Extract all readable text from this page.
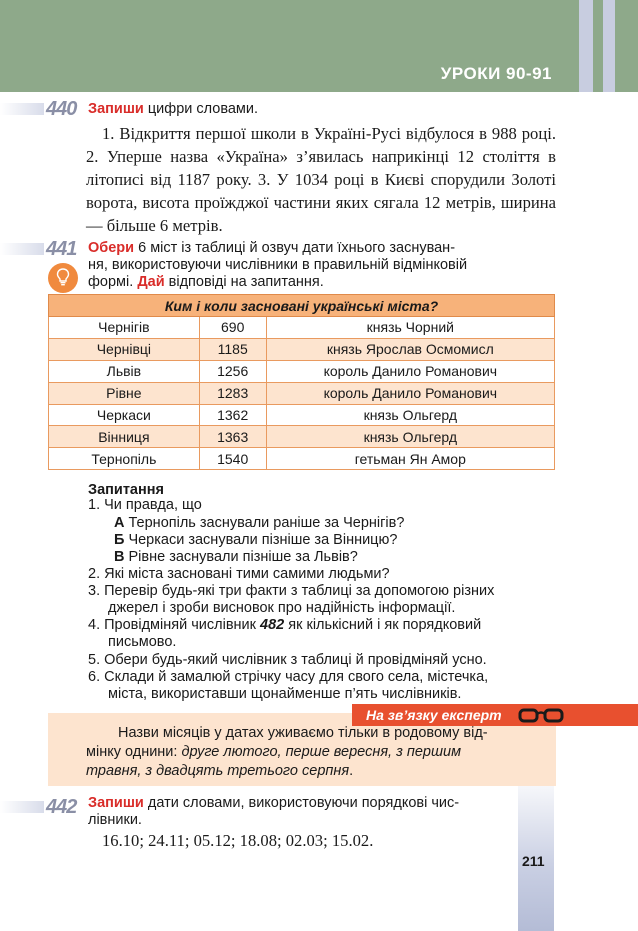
УРОКИ 90-91
440 Запиши цифри словами.

1. Відкриття першої школи в Україні-Русі відбулося в 988 році. 2. Уперше назва «Україна» з’явилась наприкінці 12 століття в літописі від 1187 року. 3. У 1034 році в Києві спорудили Золоті ворота, висота проїжджої частини яких сягала 12 метрів, ширина — більше 6 метрів.

441 Обери 6 міст із таблиці й озвуч дати їхнього заснуван-
ня, використовуючи числівники в правильній відмінковій
формі. Дай відповіді на запитання.
Ким і коли засновані українські міста?		
Чернігів	690	князь Чорний
Чернівці	1185	князь Ярослав Осмомисл
Львів	1256	король Данило Романович
Рівне	1283	король Данило Романович
Черкаси	1362	князь Ольгерд
Вінниця	1363	князь Ольгерд
Тернопіль	1540	гетьман Ян Амор
Запитання
1. Чи правда, що
А Тернопіль заснували раніше за Чернігів?
Б Черкаси заснували пізніше за Вінницю?
В Рівне заснували пізніше за Львів?
2. Які міста засновані тими самими людьми?
3. Перевір будь-які три факти з таблиці за допомогою різних
джерел і зроби висновок про надійність інформації.
4. Провідміняй числівник 482 як кількісний і як порядковий
письмово.
5. Обери будь-який числівник з таблиці й провідміняй усно.
6. Склади й замалюй стрічку часу для свого села, містечка,
міста, використавши щонайменше п’ять числівників.
На зв’язку експерт
Назви місяців у датах уживаємо тільки в родовому від-
мінку однини: друге лютого, перше вересня, з першим
травня, з двадцять третього серпня.
442 Запиши дати словами, використовуючи порядкові чис-
лівники.
16.10; 24.11; 05.12; 18.08; 02.03; 15.02.
211
